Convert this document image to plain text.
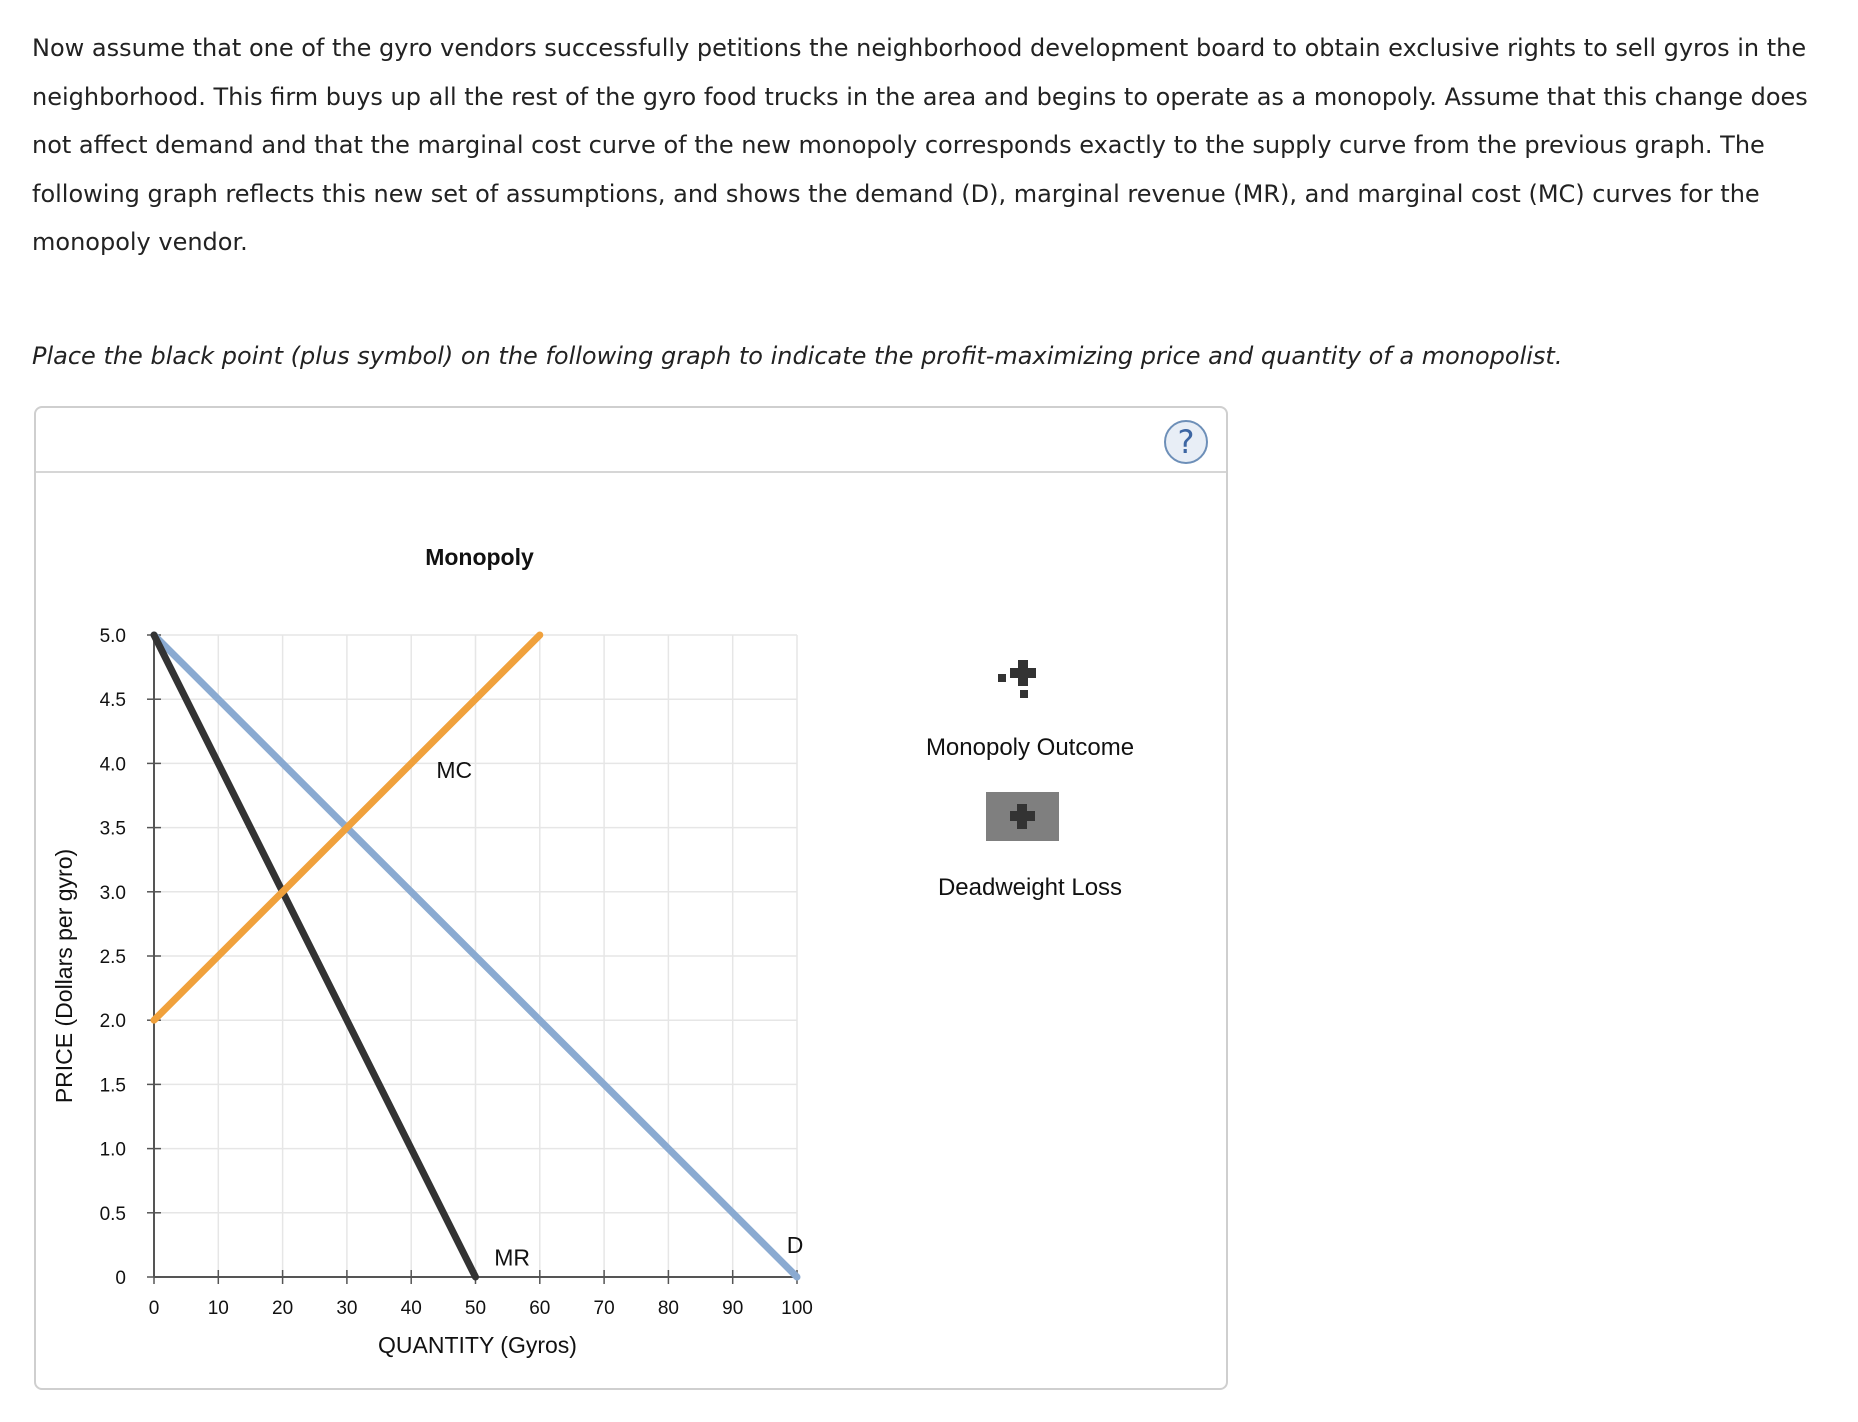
Now assume that one of the gyro vendors successfully petitions the neighborhood development board to obtain exclusive rights to sell gyros in the neighborhood. This firm buys up all the rest of the gyro food trucks in the area and begins to operate as a monopoly. Assume that this change does not affect demand and that the marginal cost curve of the new monopoly corresponds exactly to the supply curve from the previous graph. The following graph reflects this new set of assumptions, and shows the demand (D), marginal revenue (MR), and marginal cost (MC) curves for the monopoly vendor.
Place the black point (plus symbol) on the following graph to indicate the profit-maximizing price and quantity of a monopolist.
?
0	10 20 30 40 50 60 70 80 90 100
0
0.5
1.0
1.5
2.0
2.5
3.0
3.5
4.0
4.5
5.0
Monopoly
QUANTITY (Gyros)
PRICE (Dollars per gyro)
D
MR
MC
Monopoly Outcome
Deadweight Loss
